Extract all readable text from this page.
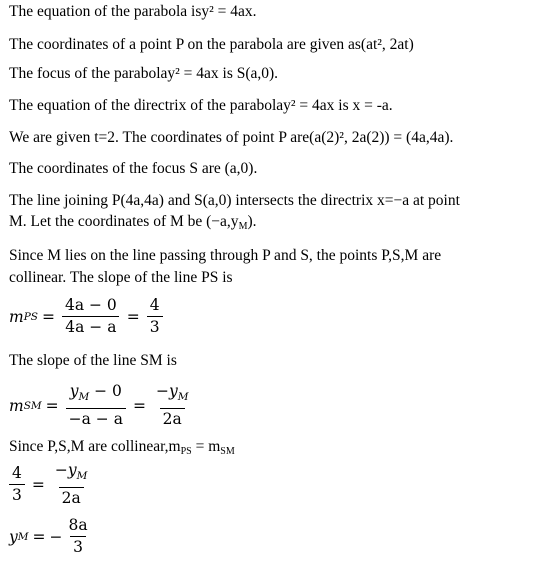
The equation of the parabola isy² = 4ax.
The coordinates of a point P on the parabola are given as(at², 2at)
The focus of the parabolay² = 4ax is S(a,0).
The equation of the directrix of the parabolay² = 4ax is x = -a.
We are given t=2. The coordinates of point P are(a(2)², 2a(2)) = (4a,4a).
The coordinates of the focus S are (a,0).
The line joining P(4a,4a) and S(a,0) intersects the directrix x=−a at point
M. Let the coordinates of M be $(-a,y_M)$.
Since M lies on the line passing through P and S, the points P,S,M are
collinear. The slope of the line PS is
m PS = $\frac{4a - 0}{4a - a} = \frac{4}{3}$
The slope of the line SM is
m SM = $\frac{y_M - 0}{-a - a} = \frac{-y_M}{2a}$
Since P,S,M are $collinear,m_{PS} = m_{SM}$
$\frac{4}{3} = \frac{-y_M}{2a}$
y M = − $\frac{8a}{3}$
